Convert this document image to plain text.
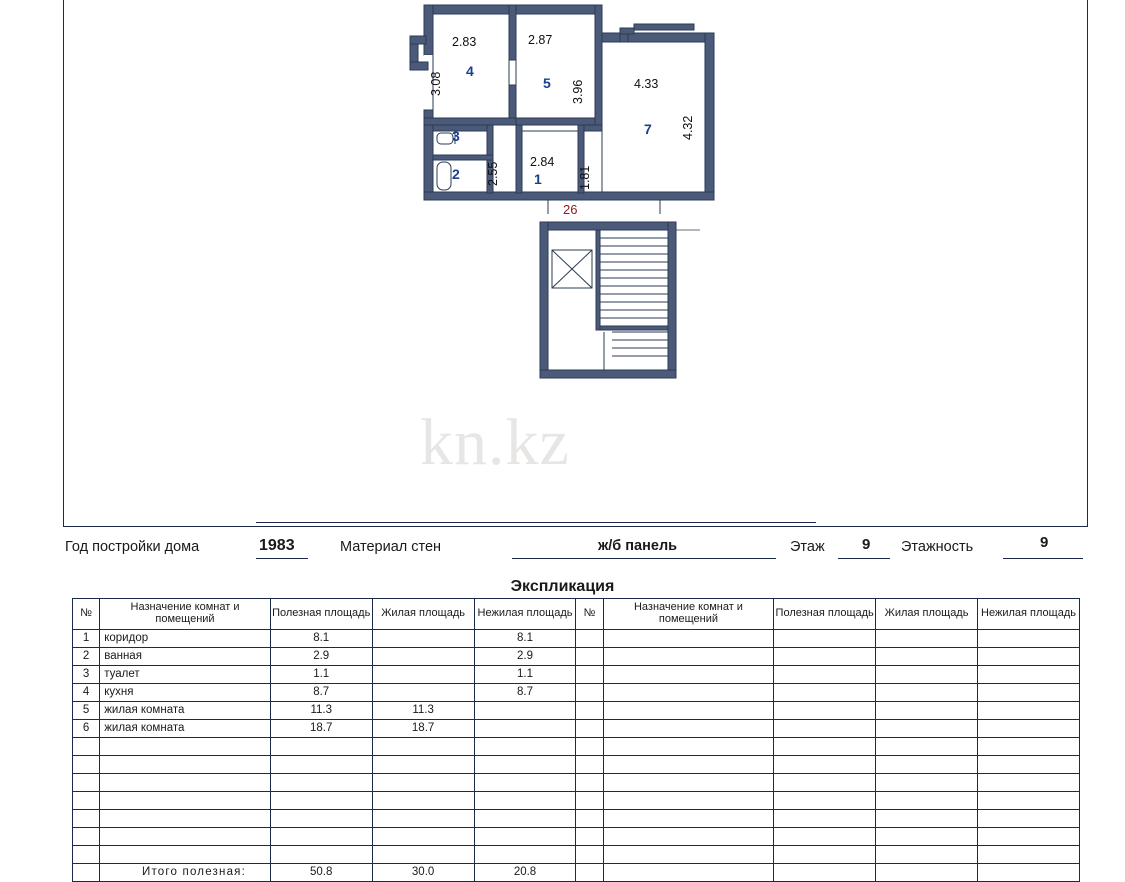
4
5
7
3
2	1
26
2.83	2.87
4.33
3.08	3.96
4.32
2.55 2.84
1.81
kn.kz
Год постройки дома	1983	Материал стен	ж/б панель	Этаж 9 Этажность	9
Экспликация
№	Назначение комнат и помещений	Полезная площадь	Жилая площадь	Нежилая площадь	№	Назначение комнат и помещений	Полезная площадь	Жилая площадь	Нежилая площадь
1	коридор	8.1		8.1					
2	ванная	2.9		2.9					
3	туалет	1.1		1.1					
4	кухня	8.7		8.7					
5	жилая комната	11.3	11.3						
6	жилая комната	18.7	18.7						

	Итого полезная:	50.8	30.0	20.8					
